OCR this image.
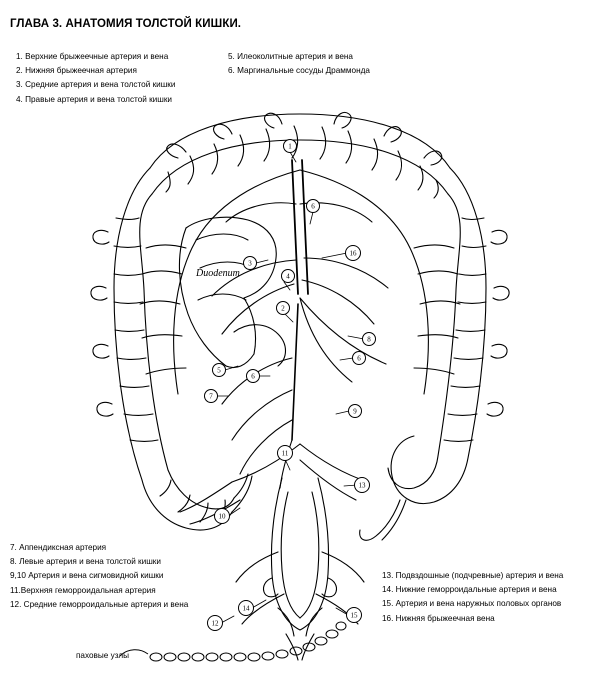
ГЛАВА 3. АНАТОМИЯ ТОЛСТОЙ КИШКИ.
1. Верхние брыжеечные артерия и вена
2. Нижняя брыжеечная артерия
3. Средние артерия и вена толстой кишки
4. Правые артерия и вена толстой кишки
5. Илеоколитные артерия и вена
6. Маргинальные сосуды Драммонда
7. Аппендиксная артерия
8. Левые артерия и вена толстой кишки
9,10 Артерия и вена сигмовидной кишки
11.Верхняя геморроидальная артерия
12. Средние геморроидальные артерия и вена
13. Подвздошные (подчревные) артерия и вена
14. Нижние геморроидальные артерия и вена
15. Артерия и вена наружных половых органов
16. Нижняя брыжеечная вена
паховые узлы
Duodenum
1
6
3
16
4
2
8
5
6
6
7
9
11
10
13
14
12
15
